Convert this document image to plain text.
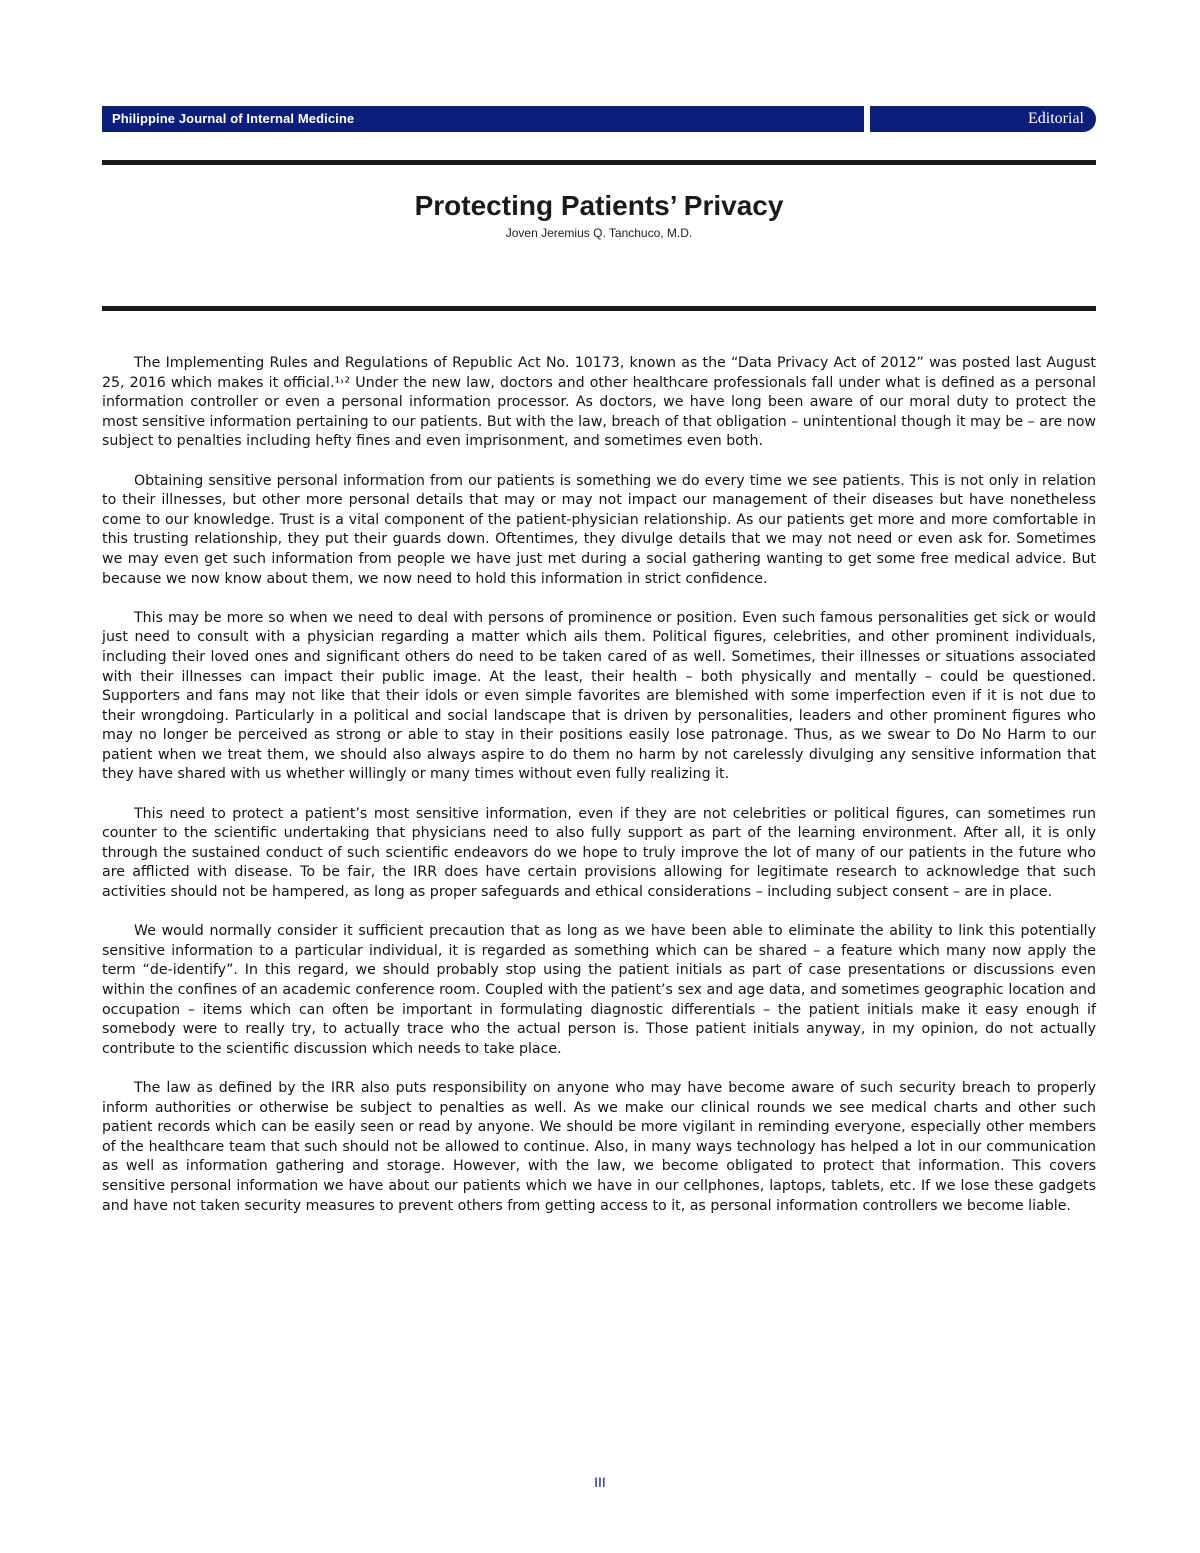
Philippine Journal of Internal Medicine	Editorial
Protecting Patients’ Privacy
Joven Jeremius Q. Tanchuco, M.D.

The Implementing Rules and Regulations of Republic Act No. 10173, known as the “Data Privacy Act of 2012” was posted last August 25, 2016 which makes it official.¹˒² Under the new law, doctors and other healthcare professionals fall under what is defined as a personal information controller or even a personal information processor. As doctors, we have long been aware of our moral duty to protect the most sensitive information pertaining to our patients. But with the law, breach of that obligation – unintentional though it may be – are now subject to penalties including hefty fines and even imprisonment, and sometimes even both.

Obtaining sensitive personal information from our patients is something we do every time we see patients. This is not only in relation to their illnesses, but other more personal details that may or may not impact our management of their diseases but have nonetheless come to our knowledge. Trust is a vital component of the patient-physician relationship. As our patients get more and more comfortable in this trusting relationship, they put their guards down. Oftentimes, they divulge details that we may not need or even ask for. Sometimes we may even get such information from people we have just met during a social gathering wanting to get some free medical advice. But because we now know about them, we now need to hold this information in strict confidence.

This may be more so when we need to deal with persons of prominence or position. Even such famous personalities get sick or would just need to consult with a physician regarding a matter which ails them. Political figures, celebrities, and other prominent individuals, including their loved ones and significant others do need to be taken cared of as well. Sometimes, their illnesses or situations associated with their illnesses can impact their public image. At the least, their health – both physically and mentally – could be questioned. Supporters and fans may not like that their idols or even simple favorites are blemished with some imperfection even if it is not due to their wrongdoing. Particularly in a political and social landscape that is driven by personalities, leaders and other prominent figures who may no longer be perceived as strong or able to stay in their positions easily lose patronage. Thus, as we swear to Do No Harm to our patient when we treat them, we should also always aspire to do them no harm by not carelessly divulging any sensitive information that they have shared with us whether willingly or many times without even fully realizing it.

This need to protect a patient’s most sensitive information, even if they are not celebrities or political figures, can sometimes run counter to the scientific undertaking that physicians need to also fully support as part of the learning environment. After all, it is only through the sustained conduct of such scientific endeavors do we hope to truly improve the lot of many of our patients in the future who are afflicted with disease. To be fair, the IRR does have certain provisions allowing for legitimate research to acknowledge that such activities should not be hampered, as long as proper safeguards and ethical considerations – including subject consent – are in place.

We would normally consider it sufficient precaution that as long as we have been able to eliminate the ability to link this potentially sensitive information to a particular individual, it is regarded as something which can be shared – a feature which many now apply the term “de-identify”. In this regard, we should probably stop using the patient initials as part of case presentations or discussions even within the confines of an academic conference room. Coupled with the patient’s sex and age data, and sometimes geographic location and occupation – items which can often be important in formulating diagnostic differentials – the patient initials make it easy enough if somebody were to really try, to actually trace who the actual person is. Those patient initials anyway, in my opinion, do not actually contribute to the scientific discussion which needs to take place.

The law as defined by the IRR also puts responsibility on anyone who may have become aware of such security breach to properly inform authorities or otherwise be subject to penalties as well. As we make our clinical rounds we see medical charts and other such patient records which can be easily seen or read by anyone. We should be more vigilant in reminding everyone, especially other members of the healthcare team that such should not be allowed to continue. Also, in many ways technology has helped a lot in our communication as well as information gathering and storage. However, with the law, we become obligated to protect that information. This covers sensitive personal information we have about our patients which we have in our cellphones, laptops, tablets, etc. If we lose these gadgets and have not taken security measures to prevent others from getting access to it, as personal information controllers we become liable.

III
